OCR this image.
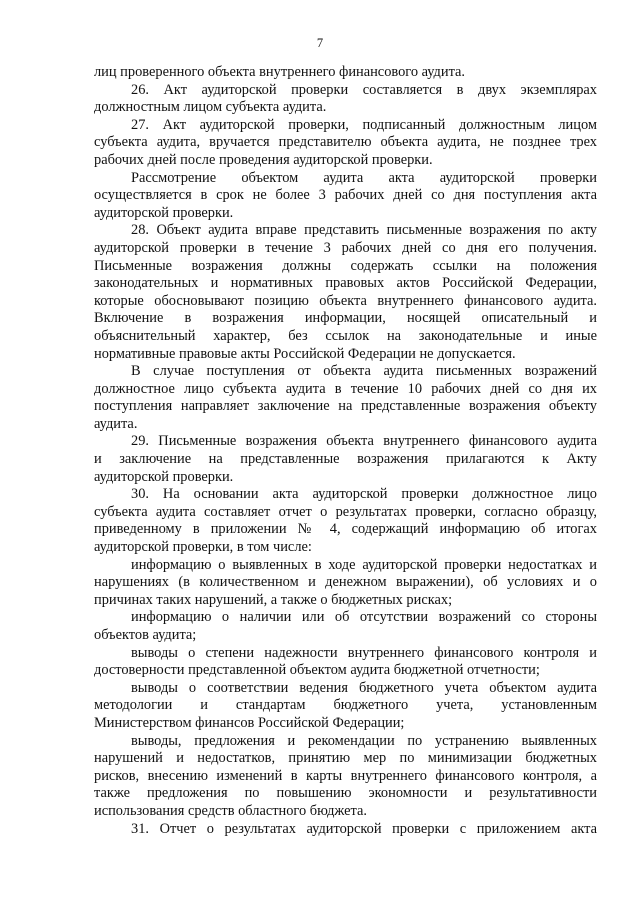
7
лиц проверенного объекта внутреннего финансового аудита.
26. Акт аудиторской проверки составляется в двух экземплярах
должностным лицом субъекта аудита.
27. Акт аудиторской проверки, подписанный должностным лицом
субъекта аудита, вручается представителю объекта аудита, не позднее трех
рабочих дней после проведения аудиторской проверки.
Рассмотрение объектом аудита акта аудиторской проверки
осуществляется в срок не более 3 рабочих дней со дня поступления акта
аудиторской проверки.
28. Объект аудита вправе представить письменные возражения по акту
аудиторской проверки в течение 3 рабочих дней со дня его получения.
Письменные возражения должны содержать ссылки на положения
законодательных и нормативных правовых актов Российской Федерации,
которые обосновывают позицию объекта внутреннего финансового аудита.
Включение в возражения информации, носящей описательный и
объяснительный характер, без ссылок на законодательные и иные
нормативные правовые акты Российской Федерации не допускается.
В случае поступления от объекта аудита письменных возражений
должностное лицо субъекта аудита в течение 10 рабочих дней со дня их
поступления направляет заключение на представленные возражения объекту
аудита.
29. Письменные возражения объекта внутреннего финансового аудита
и заключение на представленные возражения прилагаются к Акту
аудиторской проверки.
30. На основании акта аудиторской проверки должностное лицо
субъекта аудита составляет отчет о результатах проверки, согласно образцу,
приведенному в приложении № 4, содержащий информацию об итогах
аудиторской проверки, в том числе:
информацию о выявленных в ходе аудиторской проверки недостатках и
нарушениях (в количественном и денежном выражении), об условиях и о
причинах таких нарушений, а также о бюджетных рисках;
информацию о наличии или об отсутствии возражений со стороны
объектов аудита;
выводы о степени надежности внутреннего финансового контроля и
достоверности представленной объектом аудита бюджетной отчетности;
выводы о соответствии ведения бюджетного учета объектом аудита
методологии и стандартам бюджетного учета, установленным
Министерством финансов Российской Федерации;
выводы, предложения и рекомендации по устранению выявленных
нарушений и недостатков, принятию мер по минимизации бюджетных
рисков, внесению изменений в карты внутреннего финансового контроля, а
также предложения по повышению экономности и результативности
использования средств областного бюджета.
31. Отчет о результатах аудиторской проверки с приложением акта
